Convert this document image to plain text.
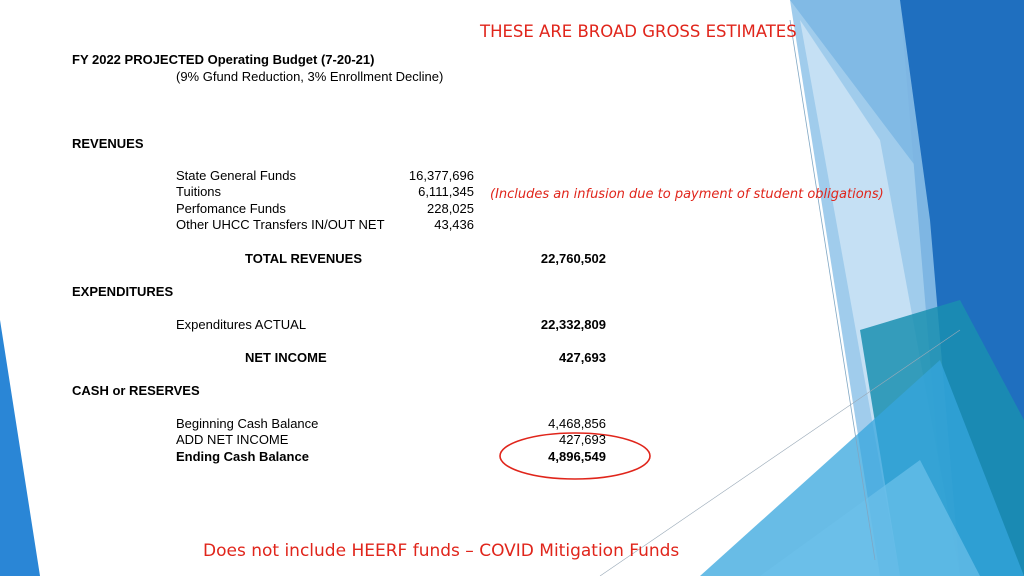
THESE ARE BROAD GROSS ESTIMATES
FY 2022 PROJECTED Operating Budget (7-20-21)
(9% Gfund Reduction, 3% Enrollment Decline)
REVENUES
State General Funds	16,377,696
Tuitions	6,111,345
Perfomance Funds	228,025
Other UHCC Transfers IN/OUT NET	43,436
(Includes an infusion due to payment of student obligations)
TOTAL REVENUES	22,760,502
EXPENDITURES
Expenditures ACTUAL	22,332,809
NET INCOME	427,693
CASH or RESERVES
Beginning Cash Balance	4,468,856
ADD NET INCOME	427,693
Ending Cash Balance	4,896,549
Does not include HEERF funds – COVID Mitigation Funds
